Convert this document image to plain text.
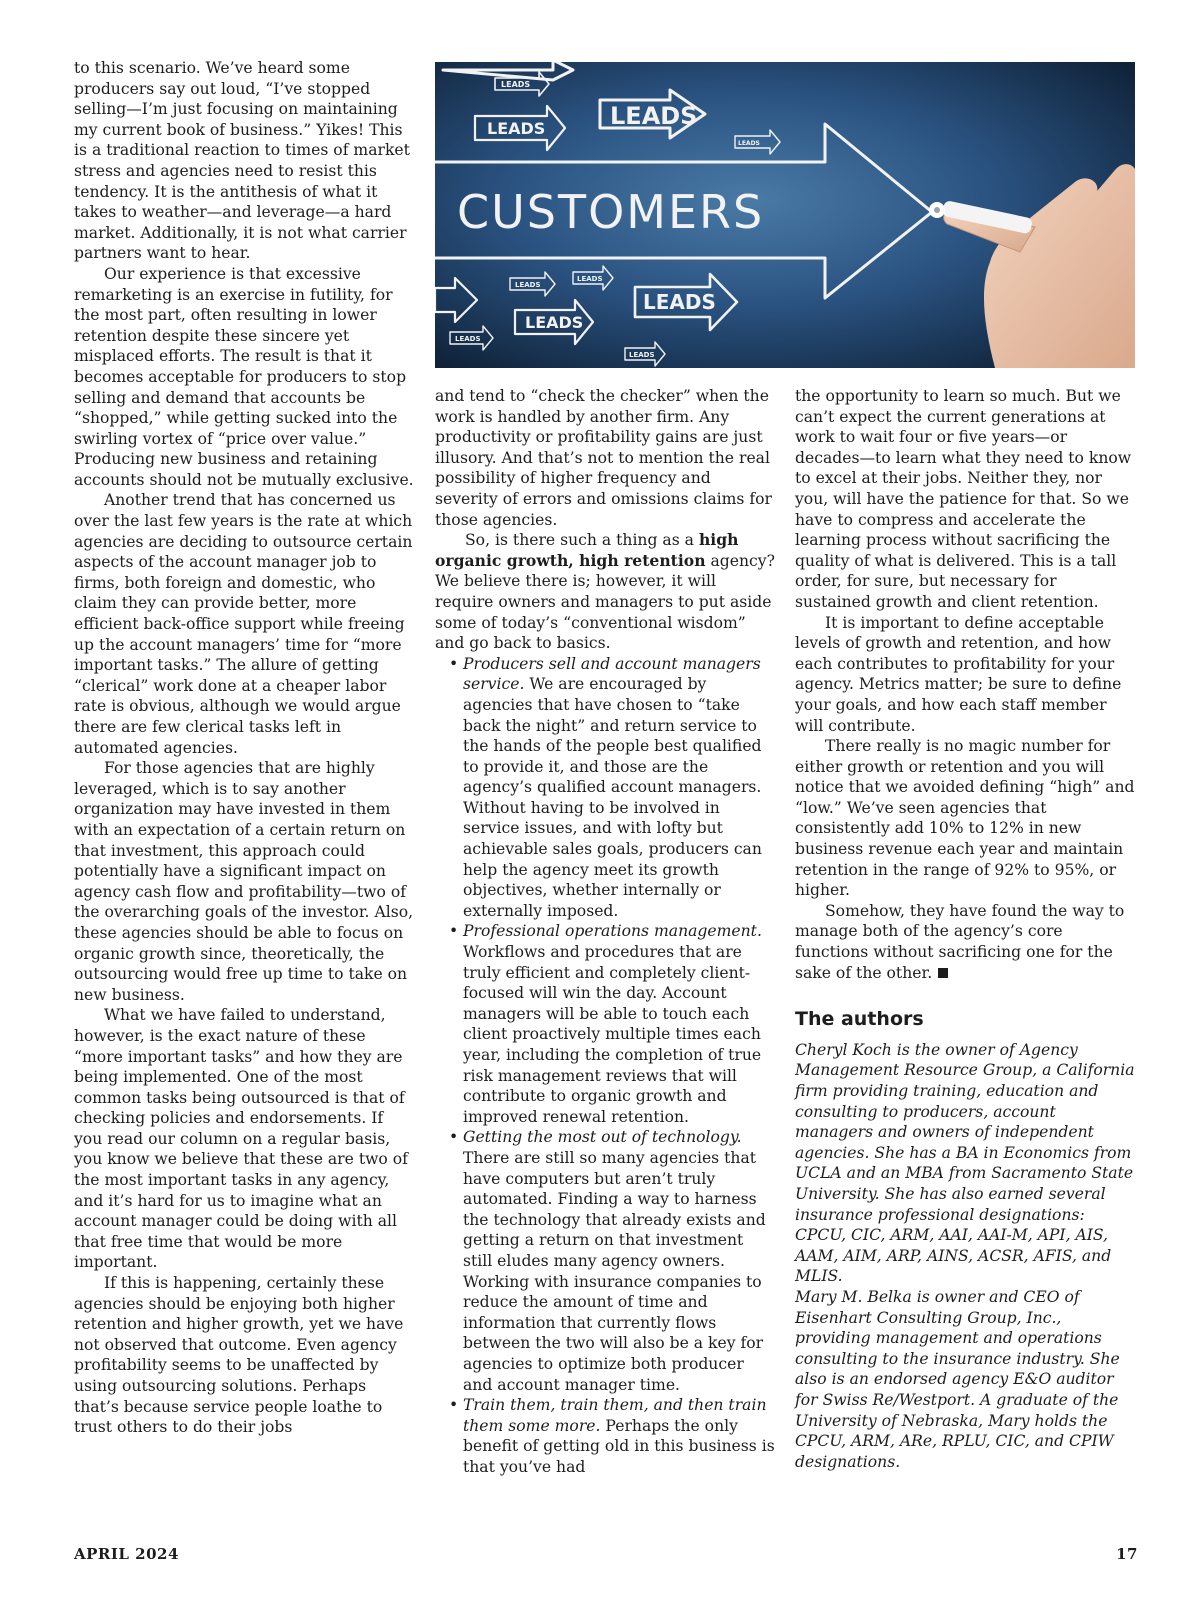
to this scenario. We’ve heard some producers say out loud, “I’ve stopped selling—I’m just focusing on maintaining my current book of business.” Yikes! This is a traditional reaction to times of market stress and agencies need to resist this tendency. It is the antithesis of what it takes to weather—and leverage—a hard market. Additionally, it is not what carrier partners want to hear.

Our experience is that excessive remarketing is an exercise in futility, for the most part, often resulting in lower retention despite these sincere yet misplaced efforts. The result is that it becomes acceptable for producers to stop selling and demand that accounts be “shopped,” while getting sucked into the swirling vortex of “price over value.” Producing new business and retaining accounts should not be mutually exclusive.

Another trend that has concerned us over the last few years is the rate at which agencies are deciding to outsource certain aspects of the account manager job to firms, both foreign and domestic, who claim they can provide better, more efficient back-office support while freeing up the account managers’ time for “more important tasks.” The allure of getting “clerical” work done at a cheaper labor rate is obvious, although we would argue there are few clerical tasks left in automated agencies.

For those agencies that are highly leveraged, which is to say another organization may have invested in them with an expectation of a certain return on that investment, this approach could potentially have a significant impact on agency cash flow and profitability—two of the overarching goals of the investor. Also, these agencies should be able to focus on organic growth since, theoretically, the outsourcing would free up time to take on new business.

What we have failed to understand, however, is the exact nature of these “more important tasks” and how they are being implemented. One of the most common tasks being outsourced is that of checking policies and endorsements. If you read our column on a regular basis, you know we believe that these are two of the most important tasks in any agency, and it’s hard for us to imagine what an account manager could be doing with all that free time that would be more important.

If this is happening, certainly these agencies should be enjoying both higher retention and higher growth, yet we have not observed that outcome. Even agency profitability seems to be unaffected by using outsourcing solutions. Perhaps that’s because service people loathe to trust others to do their jobs

LEADS
LEADS
LEADS
LEADS
LEADS
LEADS
LEADS
LEADS
LEADS
LEADS
CUSTOMERS

and tend to “check the checker” when the work is handled by another firm. Any productivity or profitability gains are just illusory. And that’s not to mention the real possibility of higher frequency and severity of errors and omissions claims for those agencies.

So, is there such a thing as a high organic growth, high retention agency? We believe there is; however, it will require owners and managers to put aside some of today’s “conventional wisdom” and go back to basics.

• Producers sell and account managers service. We are encouraged by agencies that have chosen to “take back the night” and return service to the hands of the people best qualified to provide it, and those are the agency’s qualified account managers. Without having to be involved in service issues, and with lofty but achievable sales goals, producers can help the agency meet its growth objectives, whether internally or externally imposed.
• Professional operations management. Workflows and procedures that are truly efficient and completely client-focused will win the day. Account managers will be able to touch each client proactively multiple times each year, including the completion of true risk management reviews that will contribute to organic growth and improved renewal retention.
• Getting the most out of technology. There are still so many agencies that have computers but aren’t truly automated. Finding a way to harness the technology that already exists and getting a return on that investment still eludes many agency owners. Working with insurance companies to reduce the amount of time and information that currently flows between the two will also be a key for agencies to optimize both producer and account manager time.
• Train them, train them, and then train them some more. Perhaps the only benefit of getting old in this business is that you’ve had

the opportunity to learn so much. But we can’t expect the current generations at work to wait four or five years—or decades—to learn what they need to know to excel at their jobs. Neither they, nor you, will have the patience for that. So we have to compress and accelerate the learning process without sacrificing the quality of what is delivered. This is a tall order, for sure, but necessary for sustained growth and client retention.

It is important to define acceptable levels of growth and retention, and how each contributes to profitability for your agency. Metrics matter; be sure to define your goals, and how each staff member will contribute.

There really is no magic number for either growth or retention and you will notice that we avoided defining “high” and “low.” We’ve seen agencies that consistently add 10% to 12% in new business revenue each year and maintain retention in the range of 92% to 95%, or higher.

Somehow, they have found the way to manage both of the agency’s core functions without sacrificing one for the sake of the other.

The authors

Cheryl Koch is the owner of Agency Management Resource Group, a California firm providing training, education and consulting to producers, account managers and owners of independent agencies. She has a BA in Economics from UCLA and an MBA from Sacramento State University. She has also earned several insurance professional designations: CPCU, CIC, ARM, AAI, AAI-M, API, AIS, AAM, AIM, ARP, AINS, ACSR, AFIS, and MLIS.

Mary M. Belka is owner and CEO of Eisenhart Consulting Group, Inc., providing management and operations consulting to the insurance industry. She also is an endorsed agency E&O auditor for Swiss Re/Westport. A graduate of the University of Nebraska, Mary holds the CPCU, ARM, ARe, RPLU, CIC, and CPIW designations.

APRIL 2024	17
